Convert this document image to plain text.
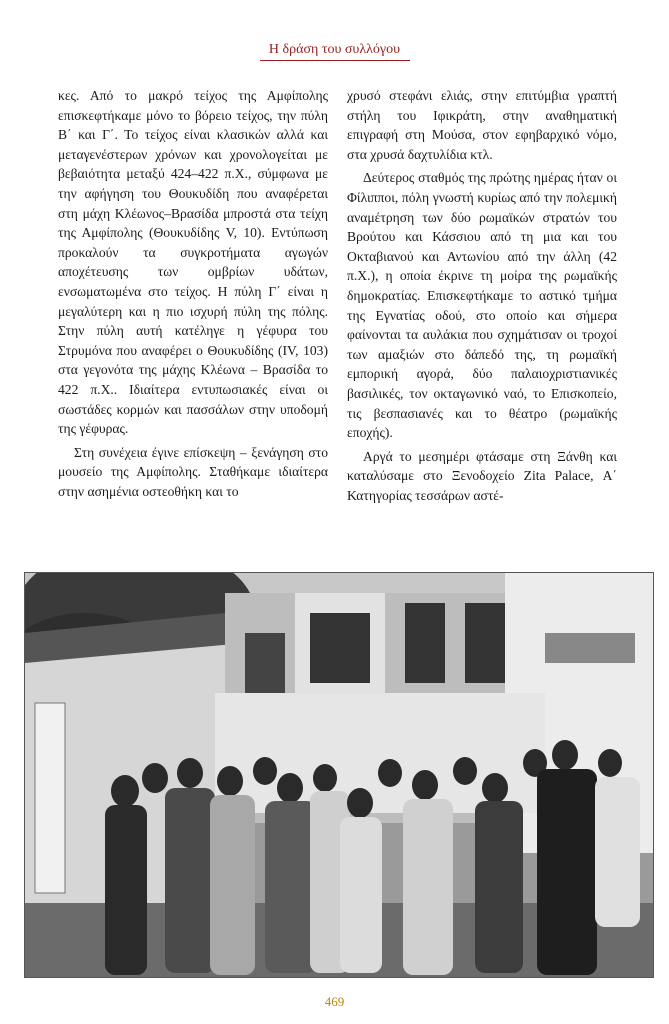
Η δράση του συλλόγου

κες. Από το μακρό τείχος της Αμφίπολης επισκεφτήκαμε μόνο το βόρειο τείχος, την πύλη Β΄ και Γ΄. Το τείχος είναι κλασικών αλλά και μεταγενέστερων χρόνων και χρονολογείται με βεβαιότητα μεταξύ 424–422 π.Χ., σύμφωνα με την αφήγηση του Θουκυδίδη που αναφέρεται στη μάχη Κλέωνος–Βρασίδα μπροστά στα τείχη της Αμφίπολης (Θουκυδίδης V, 10). Εντύπωση προκαλούν τα συγκροτήματα αγωγών αποχέτευσης των ομβρίων υδάτων, ενσωματωμένα στο τείχος. Η πύλη Γ΄ είναι η μεγαλύτερη και η πιο ισχυρή πύλη της πόλης. Στην πύλη αυτή κατέληγε η γέφυρα του Στρυμόνα που αναφέρει ο Θουκυδίδης (IV, 103) στα γεγονότα της μάχης Κλέωνα – Βρασίδα το 422 π.Χ.. Ιδιαίτερα εντυπωσιακές είναι οι σωστάδες κορμών και πασσάλων στην υποδομή της γέφυρας.

Στη συνέχεια έγινε επίσκεψη – ξενάγηση στο μουσείο της Αμφίπολης. Σταθήκαμε ιδιαίτερα στην ασημένια οστεοθήκη και το

χρυσό στεφάνι ελιάς, στην επιτύμβια γραπτή στήλη του Ιφικράτη, στην αναθηματική επιγραφή στη Μούσα, στον εφηβαρχικό νόμο, στα χρυσά δαχτυλίδια κτλ.

Δεύτερος σταθμός της πρώτης ημέρας ήταν οι Φίλιπποι, πόλη γνωστή κυρίως από την πολεμική αναμέτρηση των δύο ρωμαϊκών στρατών του Βρούτου και Κάσσιου από τη μια και του Οκταβιανού και Αντωνίου από την άλλη (42 π.Χ.), η οποία έκρινε τη μοίρα της ρωμαϊκής δημοκρατίας. Επισκεφτήκαμε το αστικό τμήμα της Εγνατίας οδού, στο οποίο και σήμερα φαίνονται τα αυλάκια που σχημάτισαν οι τροχοί των αμαξιών στο δάπεδό της, τη ρωμαϊκή εμπορική αγορά, δύο παλαιοχριστιανικές βασιλικές, τον οκταγωνικό ναό, το Επισκοπείο, τις βεσπασιανές και το θέατρο (ρωμαϊκής εποχής).

Αργά το μεσημέρι φτάσαμε στη Ξάνθη και καταλύσαμε στο Ξενοδοχείο Zita Palace, Α΄ Κατηγορίας τεσσάρων αστέ-

469
